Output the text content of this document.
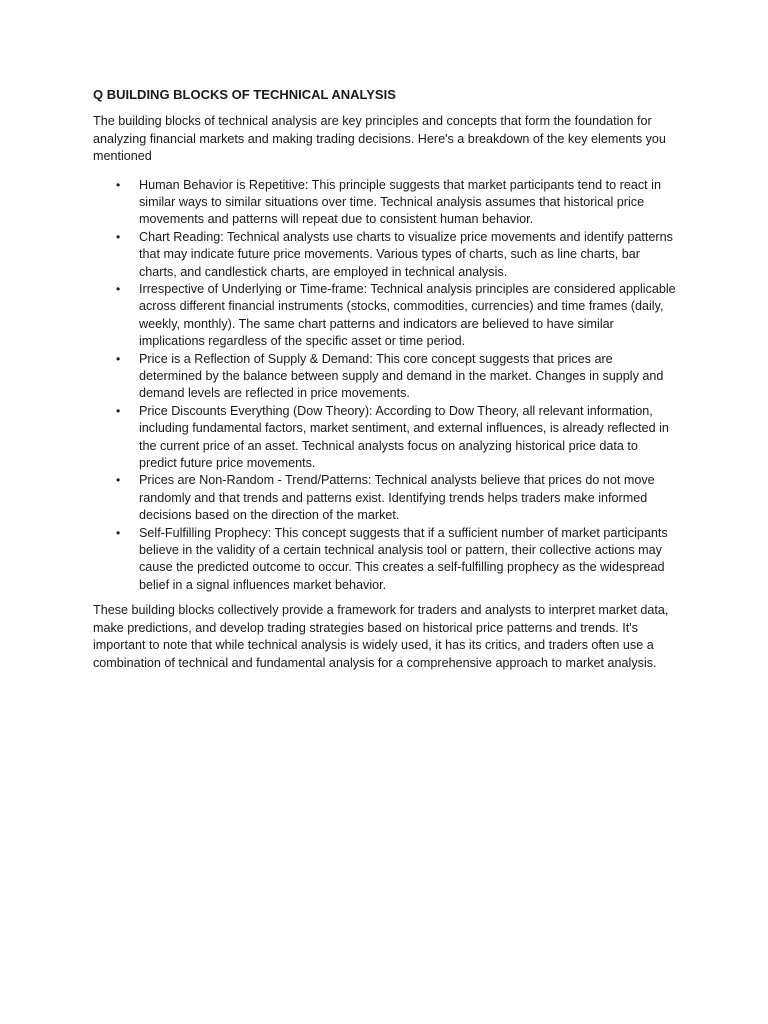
Q BUILDING BLOCKS OF TECHNICAL ANALYSIS

The building blocks of technical analysis are key principles and concepts that form the foundation for analyzing financial markets and making trading decisions. Here's a breakdown of the key elements you mentioned

• Human Behavior is Repetitive: This principle suggests that market participants tend to react in similar ways to similar situations over time. Technical analysis assumes that historical price movements and patterns will repeat due to consistent human behavior.
• Chart Reading: Technical analysts use charts to visualize price movements and identify patterns that may indicate future price movements. Various types of charts, such as line charts, bar charts, and candlestick charts, are employed in technical analysis.
• Irrespective of Underlying or Time-frame: Technical analysis principles are considered applicable across different financial instruments (stocks, commodities, currencies) and time frames (daily, weekly, monthly). The same chart patterns and indicators are believed to have similar implications regardless of the specific asset or time period.
• Price is a Reflection of Supply & Demand: This core concept suggests that prices are determined by the balance between supply and demand in the market. Changes in supply and demand levels are reflected in price movements.
• Price Discounts Everything (Dow Theory): According to Dow Theory, all relevant information, including fundamental factors, market sentiment, and external influences, is already reflected in the current price of an asset. Technical analysts focus on analyzing historical price data to predict future price movements.
• Prices are Non-Random - Trend/Patterns: Technical analysts believe that prices do not move randomly and that trends and patterns exist. Identifying trends helps traders make informed decisions based on the direction of the market.
• Self-Fulfilling Prophecy: This concept suggests that if a sufficient number of market participants believe in the validity of a certain technical analysis tool or pattern, their collective actions may cause the predicted outcome to occur. This creates a self-fulfilling prophecy as the widespread belief in a signal influences market behavior.

These building blocks collectively provide a framework for traders and analysts to interpret market data, make predictions, and develop trading strategies based on historical price patterns and trends. It's important to note that while technical analysis is widely used, it has its critics, and traders often use a combination of technical and fundamental analysis for a comprehensive approach to market analysis.
